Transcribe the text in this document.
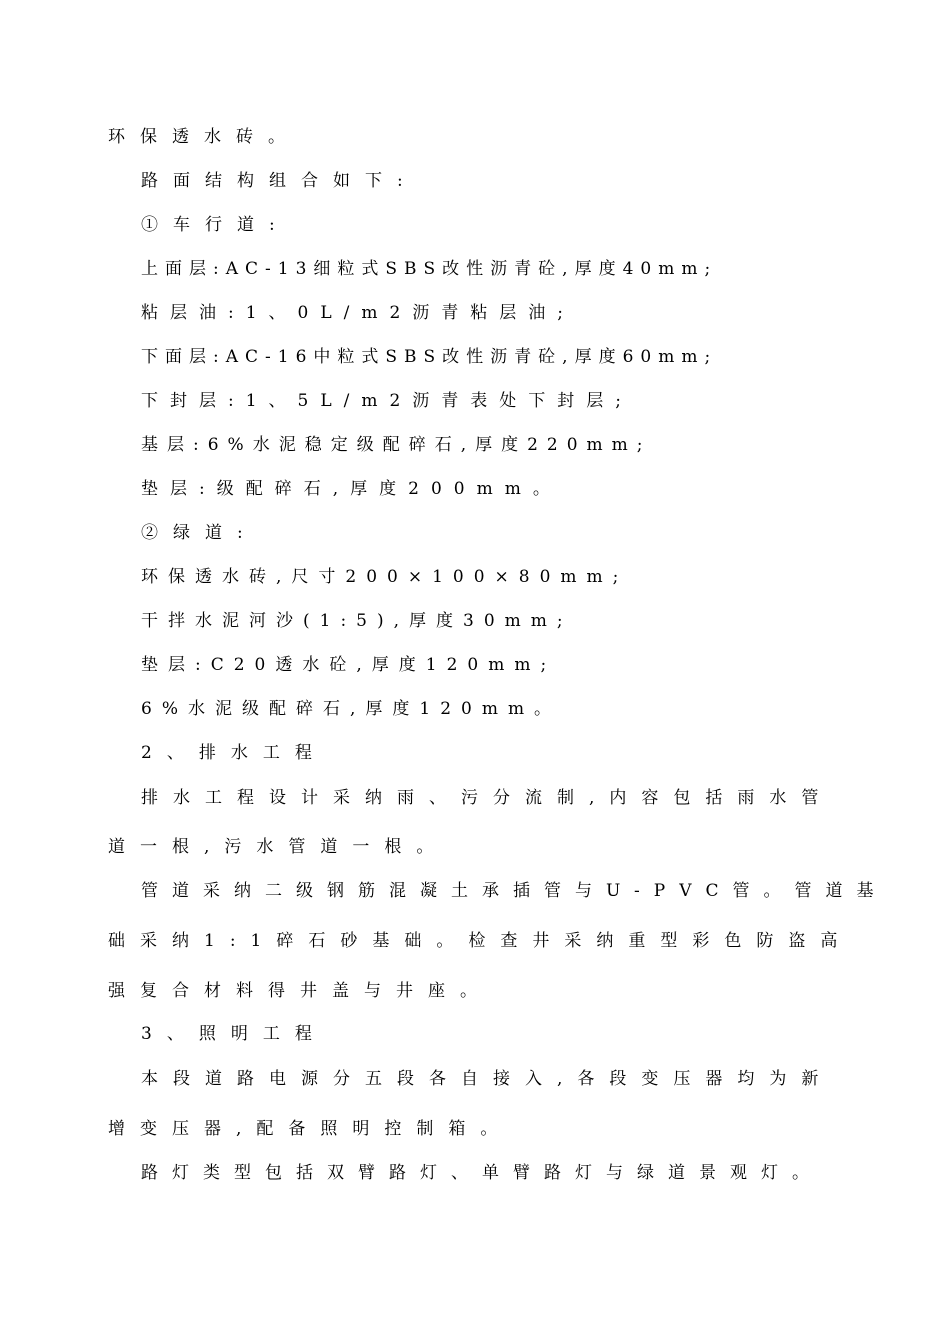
环保透水砖。
路面结构组合如下:
①车行道:
上面层:AC-13细粒式SBS改性沥青砼,厚度40mm;
粘层油:1、0L/m2沥青粘层油;
下面层:AC-16中粒式SBS改性沥青砼,厚度60mm;
下封层:1、5L/m2沥青表处下封层;
基层:6%水泥稳定级配碎石,厚度220mm;
垫层:级配碎石,厚度200mm。
②绿道:
环保透水砖,尺寸200×100×80mm;
干拌水泥河沙(1:5),厚度30mm;
垫层:C20透水砼,厚度120mm;
6%水泥级配碎石,厚度120mm。
2、排水工程
排水工程设计采纳雨、污分流制,内容包括雨水管
道一根,污水管道一根。
管道采纳二级钢筋混凝土承插管与U-PVC管。管道基
础采纳1:1碎石砂基础。检查井采纳重型彩色防盗高
强复合材料得井盖与井座。
3、照明工程
本段道路电源分五段各自接入,各段变压器均为新
增变压器,配备照明控制箱。
路灯类型包括双臂路灯、单臂路灯与绿道景观灯。
